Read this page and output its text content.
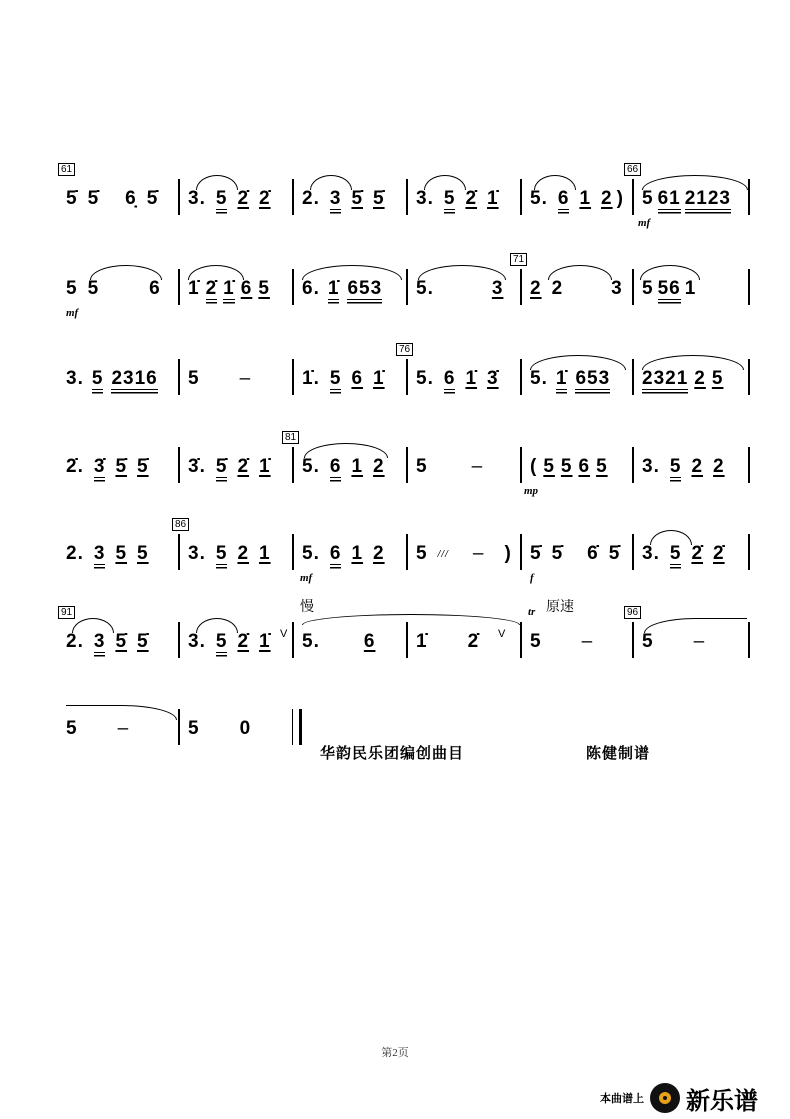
61
5̇ 5̇ 6̣ 5̇ 3. 5 2̇ 2̇ 2. 3 5̇ 5̇ 3. 5 2̇ 1̇ 5. 6 1 2 )
66
5 61 2123
mf
5 5	6
mf
1̇ 2̇ 1̇ 6 5 6. 1̇ 653 5.	3
71
2 2	3 5 56 1
3. 5 2316 5 –	1̇. 5 6 1̇
76
5. 6 1̇ 3̇ 5. 1̇ 653 2321 2 5
2̇. 3̇ 5̇ 5̇ 3̇. 5̇ 2̇ 1̇
81
5. 6 1 2 5 – ( 5 5 6 5
mp
3. 5 2 2
2. 3 5 5
86
3. 5 2 1 5. 6 1 2
mf
5 /// – ) 5̇ 5̇ 6̇ 5̇
f
3. 5 2̇ 2̇
91
2. 3 5̇ 5̇ 3. 5 2̇ 1̇ V
慢
5. 6 1̇ 2̇ V
tr 原速
5 –
96
5 –
5 –	5 0
华韵民乐团编创曲目	陈健制谱
第2页
本曲谱上 新乐谱
